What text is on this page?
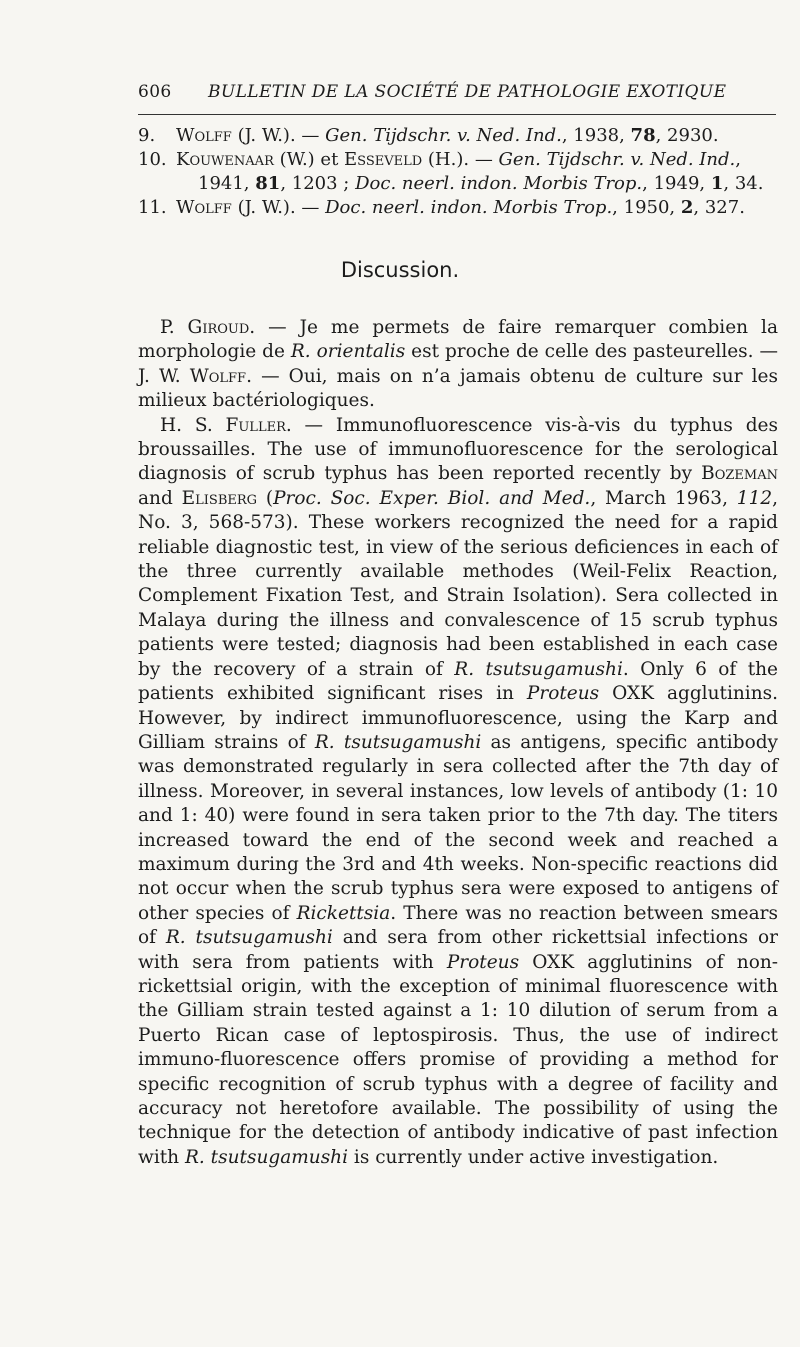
606 BULLETIN DE LA SOCIÉTÉ DE PATHOLOGIE EXOTIQUE
9. Wolff (J. W.). — Gen. Tijdschr. v. Ned. Ind., 1938, 78, 2930.
10. Kouwenaar (W.) et Esseveld (H.). — Gen. Tijdschr. v. Ned. Ind., 1941, 81, 1203 ; Doc. neerl. indon. Morbis Trop., 1949, 1, 34.
11. Wolff (J. W.). — Doc. neerl. indon. Morbis Trop., 1950, 2, 327.
Discussion.

P. Giroud. — Je me permets de faire remarquer combien la morphologie de R. orientalis est proche de celle des pasteurelles. — J. W. Wolff. — Oui, mais on n’a jamais obtenu de culture sur les milieux bactériologiques.

H. S. Fuller. — Immunofluorescence vis-à-vis du typhus des broussailles. The use of immunofluorescence for the serological diagnosis of scrub typhus has been reported recently by Bozeman and Elisberg (Proc. Soc. Exper. Biol. and Med., March 1963, 112, No. 3, 568-573). These workers recognized the need for a rapid reliable diagnostic test, in view of the serious deficiences in each of the three currently available methodes (Weil-Felix Reaction, Complement Fixation Test, and Strain Isolation). Sera collected in Malaya during the illness and convalescence of 15 scrub typhus patients were tested; diagnosis had been established in each case by the recovery of a strain of R. tsutsugamushi. Only 6 of the patients exhibited significant rises in Proteus OXK agglutinins. However, by indirect immunofluorescence, using the Karp and Gilliam strains of R. tsutsugamushi as antigens, specific antibody was demonstrated regularly in sera collected after the 7th day of illness. Moreover, in several instances, low levels of antibody (1: 10 and 1: 40) were found in sera taken prior to the 7th day. The titers increased toward the end of the second week and reached a maximum during the 3rd and 4th weeks. Non-specific reactions did not occur when the scrub typhus sera were exposed to antigens of other species of Rickettsia. There was no reaction between smears of R. tsutsugamushi and sera from other rickettsial infections or with sera from patients with Proteus OXK agglutinins of non-rickettsial origin, with the exception of minimal fluorescence with the Gilliam strain tested against a 1: 10 dilution of serum from a Puerto Rican case of leptospirosis. Thus, the use of indirect immuno-fluorescence offers promise of providing a method for specific recognition of scrub typhus with a degree of facility and accuracy not heretofore available. The possibility of using the technique for the detection of antibody indicative of past infection with R. tsutsugamushi is currently under active investigation.
